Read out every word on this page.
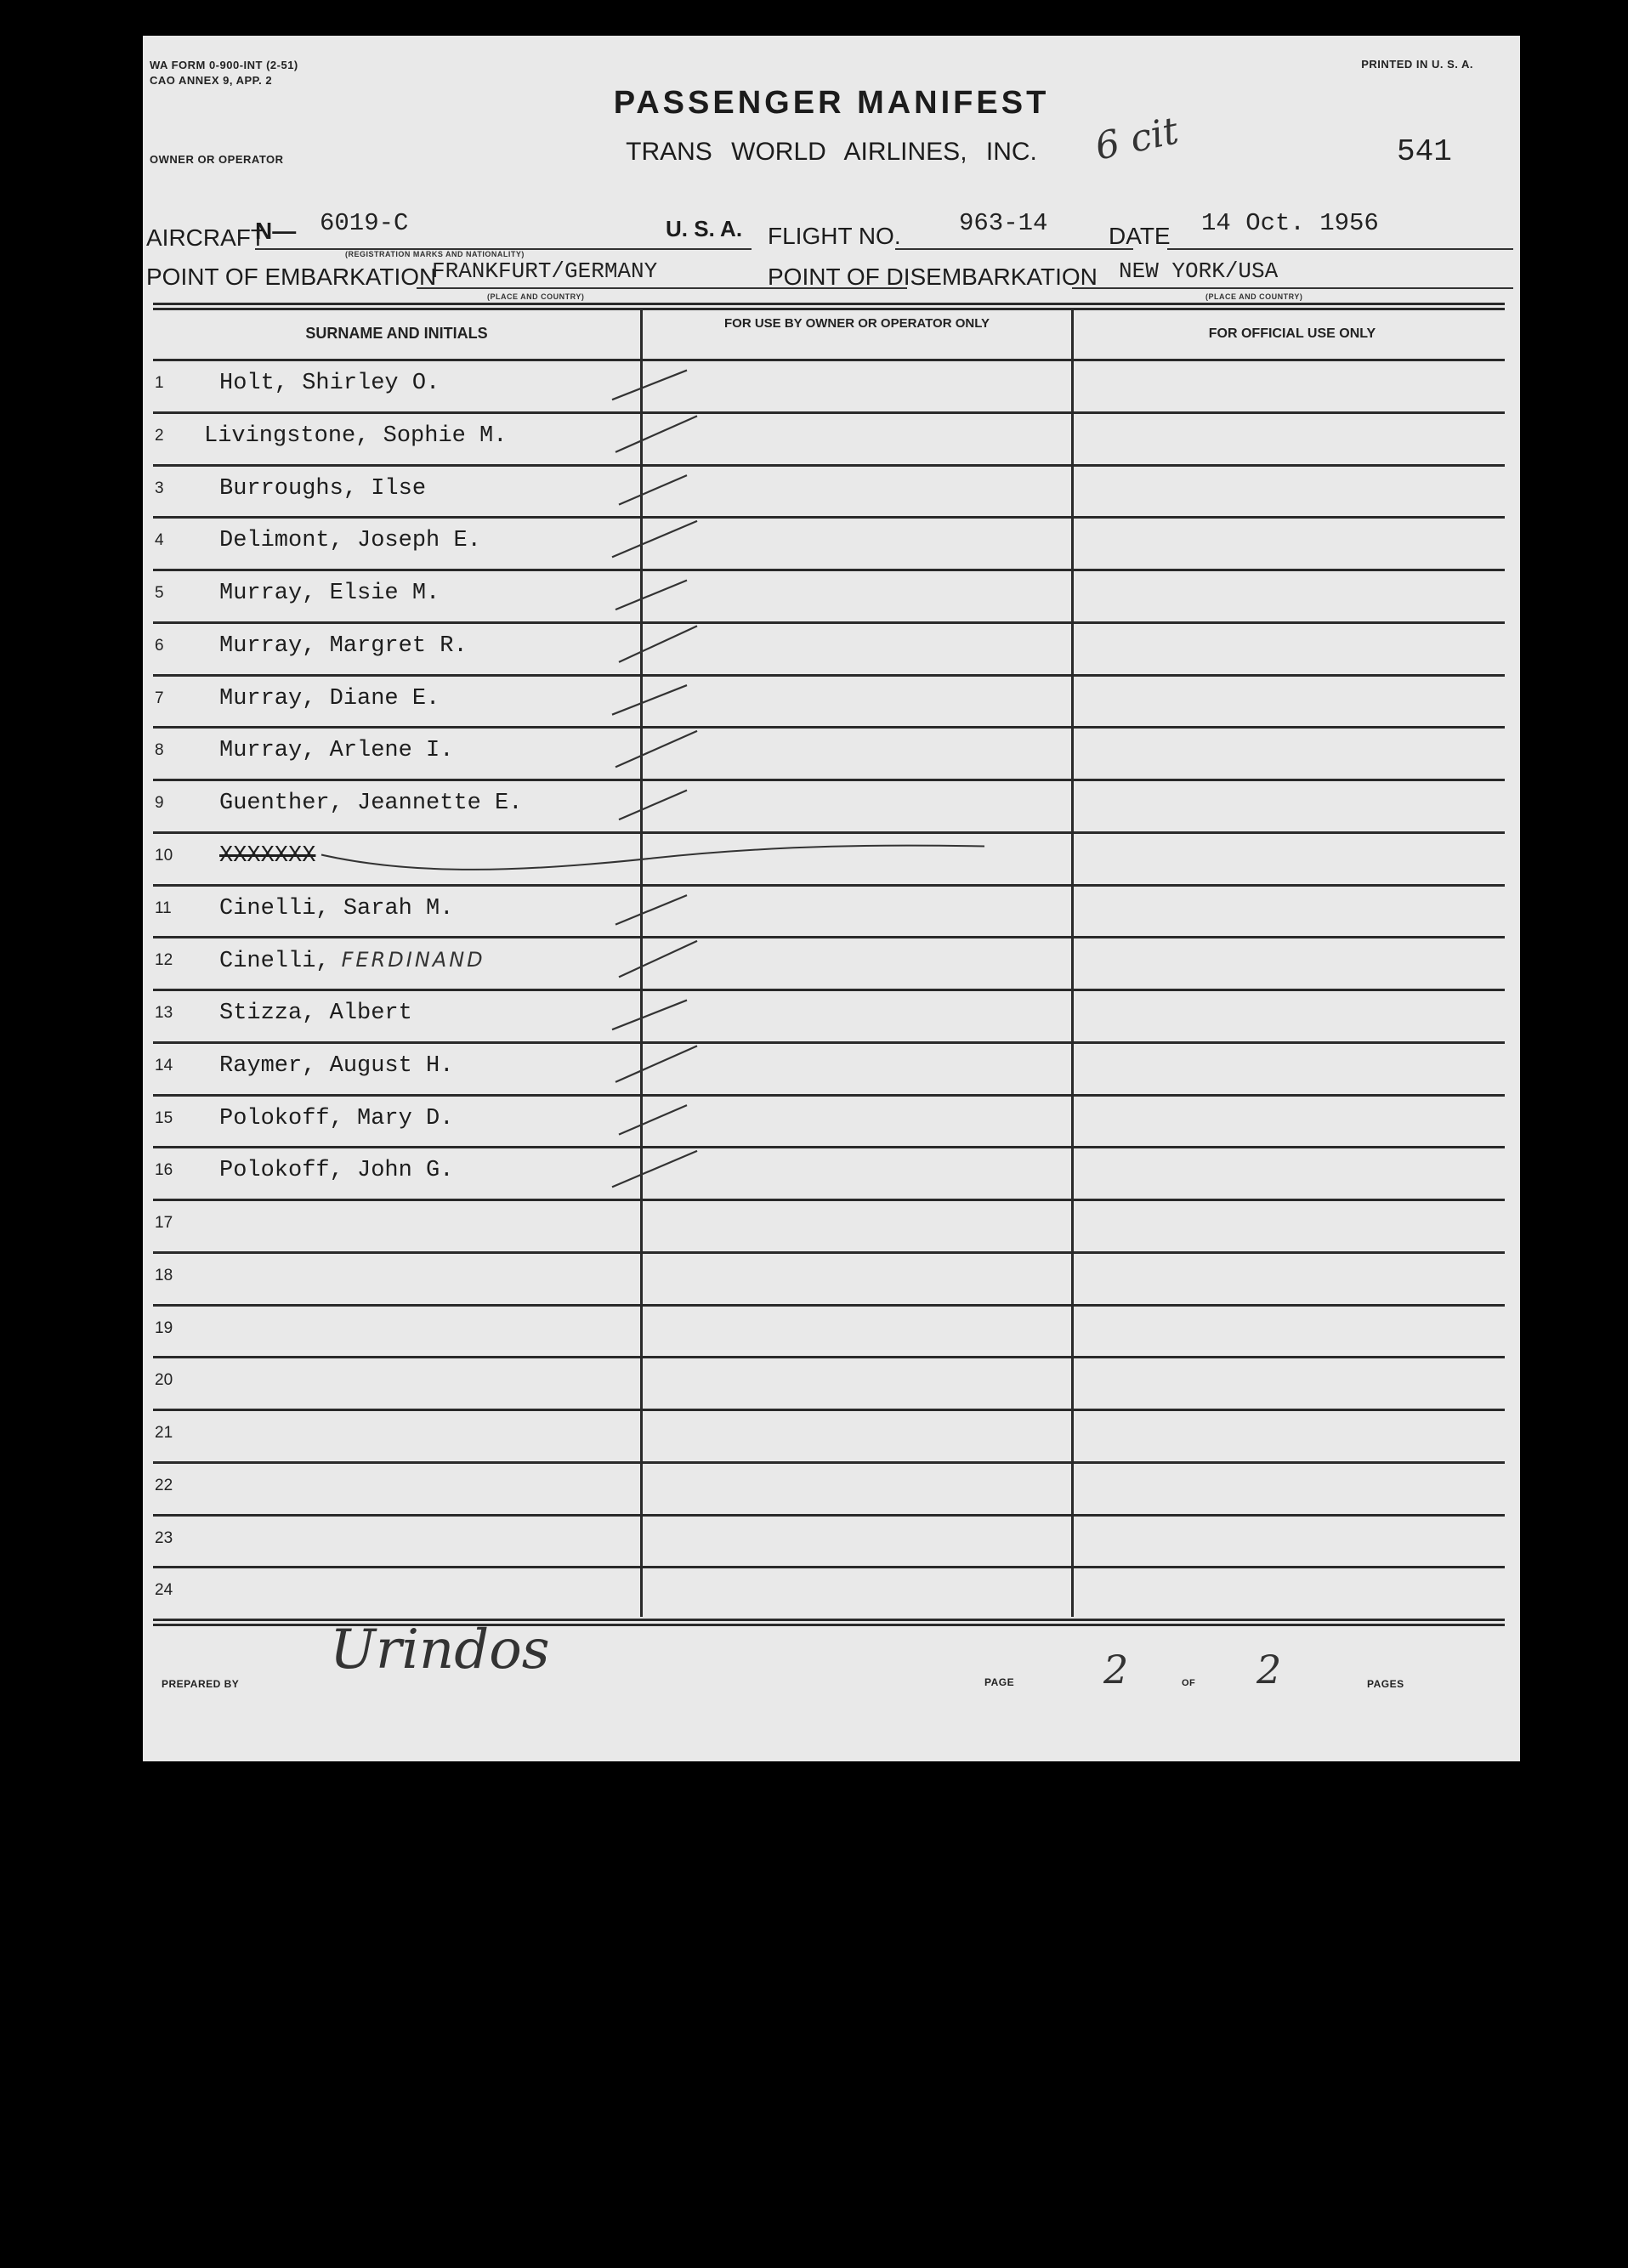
WA FORM 0-900-INT (2-51)
CAO ANNEX 9, APP. 2
PRINTED IN U. S. A.
OWNER OR OPERATOR
PASSENGER MANIFEST
TRANS WORLD AIRLINES, INC.	6 cit	541
AIRCRAFT
N— 6019-C
(REGISTRATION MARKS AND NATIONALITY)
U. S. A. FLIGHT NO. 963-14	DATE 14 Oct. 1956
POINT OF EMBARKATION
FRANKFURT/GERMANY
(PLACE AND COUNTRY)
POINT OF DISEMBARKATION NEW YORK/USA
(PLACE AND COUNTRY)
SURNAME AND INITIALS
FOR USE BY OWNER OR OPERATOR ONLY
FOR OFFICIAL USE ONLY
PREPARED BY
Urindos
PAGE 2	OF 2	PAGES
1 Holt, Shirley O.
2 Livingstone, Sophie M.
3 Burroughs, Ilse
4 Delimont, Joseph E.
5 Murray, Elsie M.
6 Murray, Margret R.
7 Murray, Diane E.
8 Murray, Arlene I.
9 Guenther, Jeannette E.
10 XXXXXXX
11 Cinelli, Sarah M.
12 Cinelli, FERDINAND
13 Stizza, Albert
14 Raymer, August H.
15 Polokoff, Mary D.
16 Polokoff, John G.
17
18
19
20
21
22
23
24
